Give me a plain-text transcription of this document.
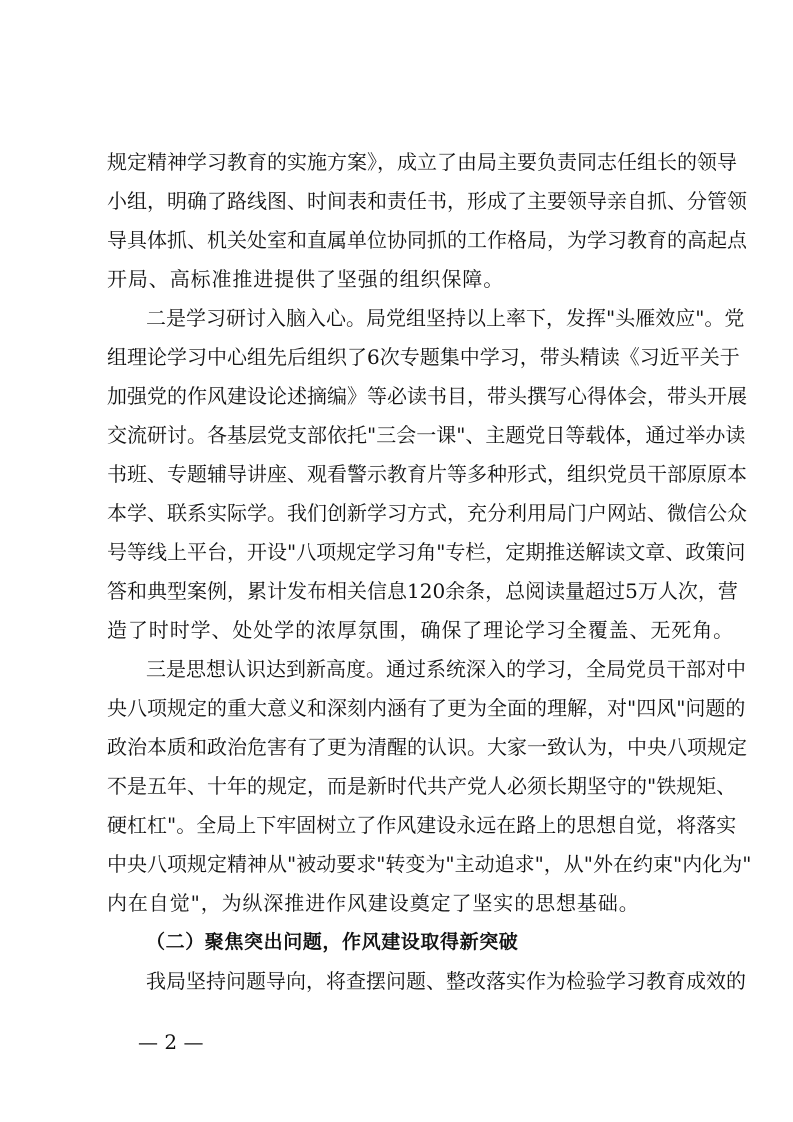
规定精神学习教育的实施方案》，成立了由局主要负责同志任组长的领导
小组，明确了路线图、时间表和责任书，形成了主要领导亲自抓、分管领
导具体抓、机关处室和直属单位协同抓的工作格局，为学习教育的高起点
开局、高标准推进提供了坚强的组织保障。
二是学习研讨入脑入心。局党组坚持以上率下，发挥"头雁效应"。党
组理论学习中心组先后组织了6次专题集中学习，带头精读《习近平关于
加强党的作风建设论述摘编》等必读书目，带头撰写心得体会，带头开展
交流研讨。各基层党支部依托"三会一课"、主题党日等载体，通过举办读
书班、专题辅导讲座、观看警示教育片等多种形式，组织党员干部原原本
本学、联系实际学。我们创新学习方式，充分利用局门户网站、微信公众
号等线上平台，开设"八项规定学习角"专栏，定期推送解读文章、政策问
答和典型案例，累计发布相关信息120余条，总阅读量超过5万人次，营
造了时时学、处处学的浓厚氛围，确保了理论学习全覆盖、无死角。
三是思想认识达到新高度。通过系统深入的学习，全局党员干部对中
央八项规定的重大意义和深刻内涵有了更为全面的理解，对"四风"问题的
政治本质和政治危害有了更为清醒的认识。大家一致认为，中央八项规定
不是五年、十年的规定，而是新时代共产党人必须长期坚守的"铁规矩、
硬杠杠"。全局上下牢固树立了作风建设永远在路上的思想自觉，将落实
中央八项规定精神从"被动要求"转变为"主动追求"，从"外在约束"内化为"
内在自觉"，为纵深推进作风建设奠定了坚实的思想基础。
（二）聚焦突出问题，作风建设取得新突破
我局坚持问题导向，将查摆问题、整改落实作为检验学习教育成效的
— 2 —
